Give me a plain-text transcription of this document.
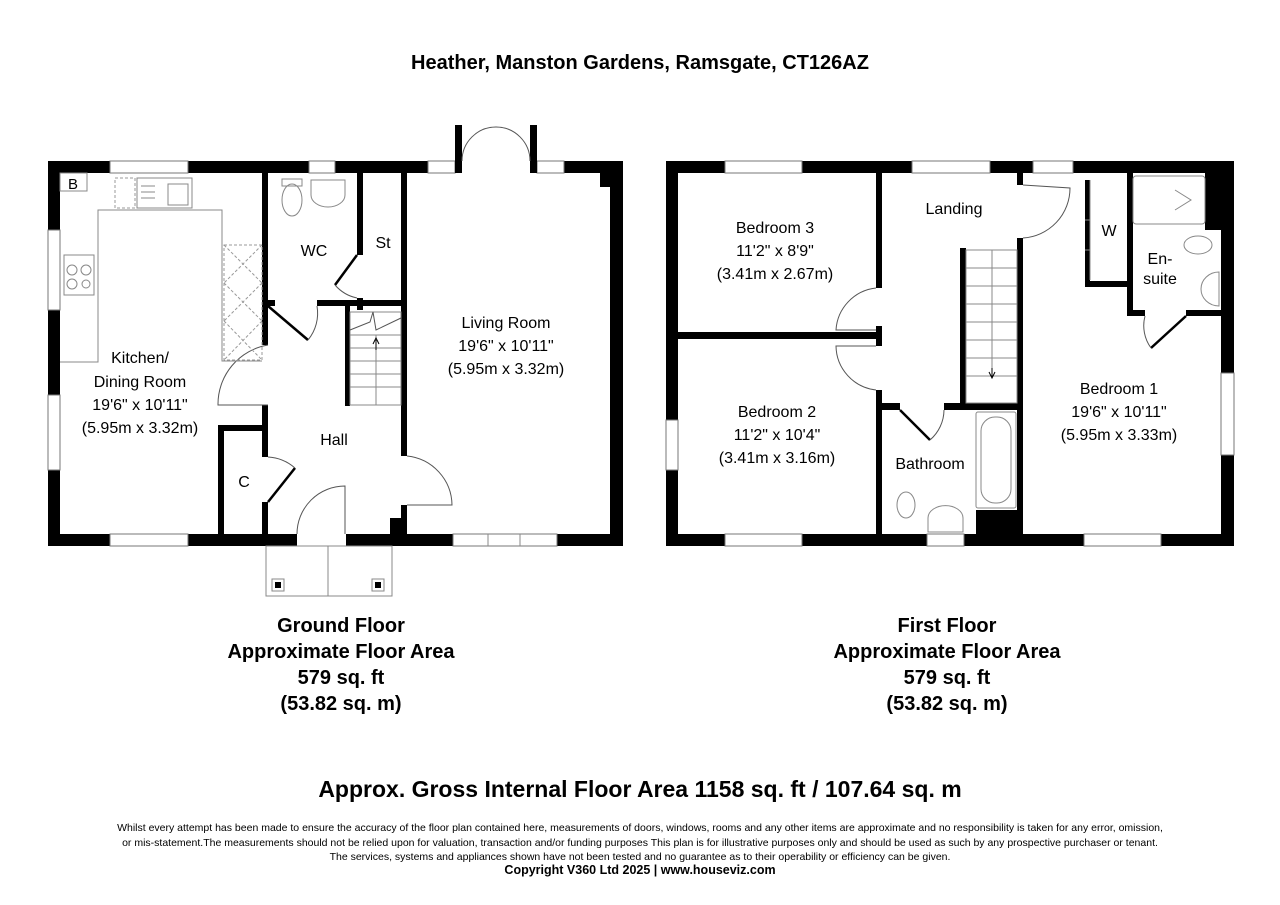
Heather, Manston Gardens, Ramsgate, CT126AZ
B
Kitchen/
Dining Room
19'6" x 10'11"
(5.95m x 3.32m)
Living Room
19'6" x 10'11"
(5.95m x 3.32m)
WC	St
Hall
C
Bedroom 3
11'2" x 8'9"
(3.41m x 2.67m)
Bedroom 2
11'2" x 10'4"
(3.41m x 3.16m)
Bedroom 1
19'6" x 10'11"
(5.95m x 3.33m)
Landing
Bathroom
W
En-
suite
Ground Floor
Approximate Floor Area
579 sq. ft
(53.82 sq. m)
First Floor
Approximate Floor Area
579 sq. ft
(53.82 sq. m)
Approx. Gross Internal Floor Area 1158 sq. ft / 107.64 sq. m
Whilst every attempt has been made to ensure the accuracy of the floor plan contained here, measurements of doors, windows, rooms and any other items are approximate and no responsibility is taken for any error, omission,
or mis-statement.The measurements should not be relied upon for valuation, transaction and/or funding purposes This plan is for illustrative purposes only and should be used as such by any prospective purchaser or tenant.
The services, systems and appliances shown have not been tested and no guarantee as to their operability or efficiency can be given.
Copyright V360 Ltd 2025 | www.houseviz.com
